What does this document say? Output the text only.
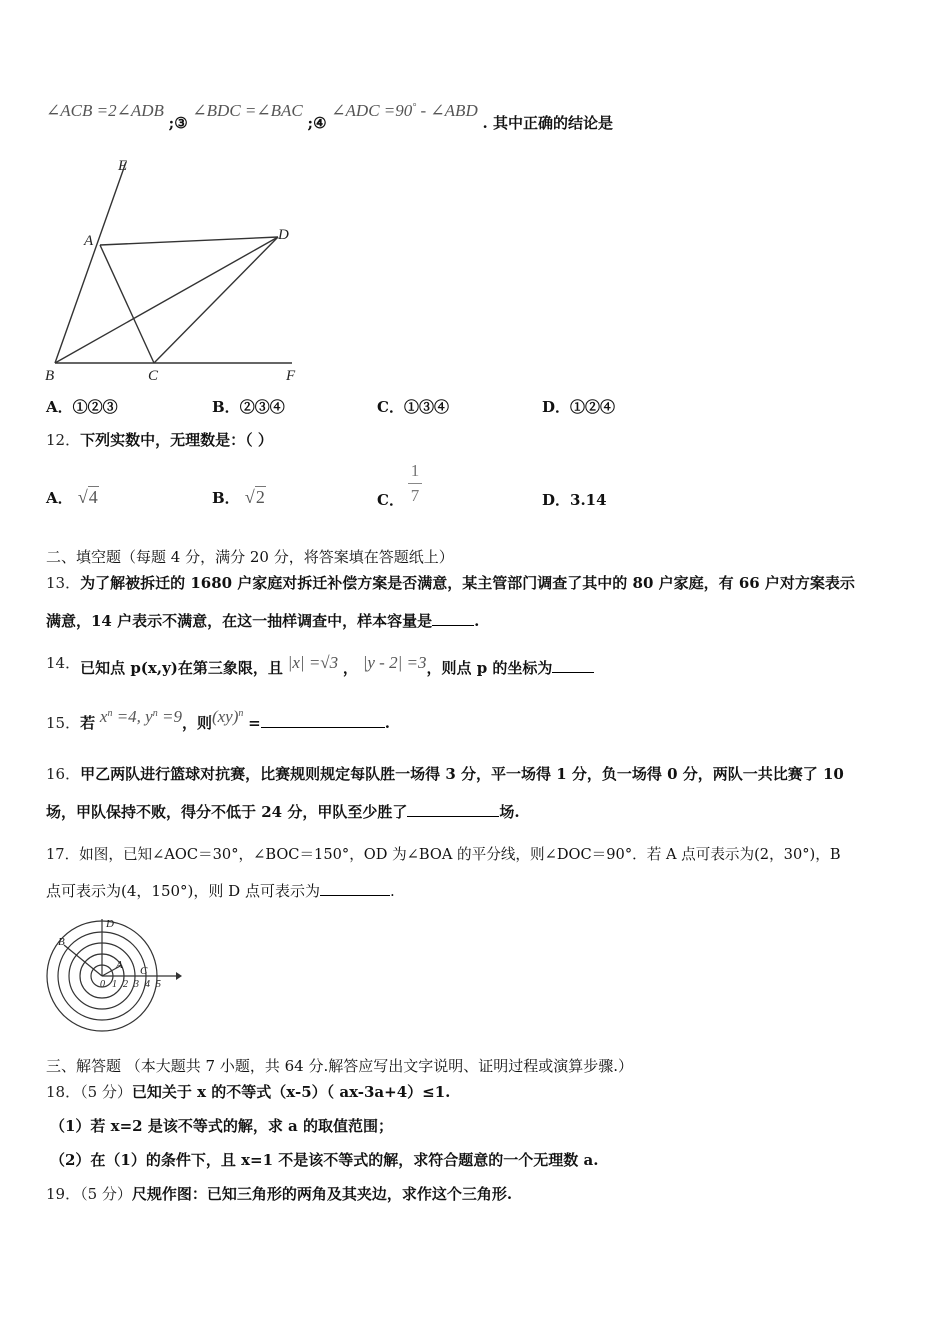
∠ACB =2∠ADB ;③ ∠BDC =∠BAC ;④ ∠ADC =90° - ∠ABD . 其中正确的结论是
E
A	D
B	C	F
A．①②③	B．②③④	C．①③④	D．①②④
12．下列实数中，无理数是：（ ）
A． √4	B． √2	C．
1
7	D．3.14
二、填空题（每题 4 分，满分 20 分，将答案填在答题纸上）
13．为了解被拆迁的 1680 户家庭对拆迁补偿方案是否满意，某主管部门调查了其中的 80 户家庭，有 66 户对方案表示
满意，14 户表示不满意，在这一抽样调查中，样本容量是	.
14．已知点 p(x,y)在第三象限，且 |x| =√3 ， |y - 2| =3，则点 p 的坐标为
15．若 $x^n =4$, $y^n =9$，则(xy)$^n$ =	.
16．甲乙两队进行篮球对抗赛，比赛规则规定每队胜一场得 3 分，平一场得 1 分，负一场得 0 分，两队一共比赛了 10
场，甲队保持不败，得分不低于 24 分，甲队至少胜了	场.
17．如图，已知∠AOC＝30°，∠BOC＝150°，OD 为∠BOA 的平分线，则∠DOC＝90°．若 A 点可表示为(2，30°)，B
点可表示为(4，150°)，则 D 点可表示为	.
B
D
A C
0 1 2 3 4 5
三、解答题 （本大题共 7 小题，共 64 分.解答应写出文字说明、证明过程或演算步骤.）
18．（5 分）已知关于 x 的不等式（x-5）（ ax-3a+4）≤1.
（1）若 x=2 是该不等式的解，求 a 的取值范围；
（2）在（1）的条件下，且 x=1 不是该不等式的解，求符合题意的一个无理数 a.
19．（5 分）尺规作图：已知三角形的两角及其夹边，求作这个三角形.
